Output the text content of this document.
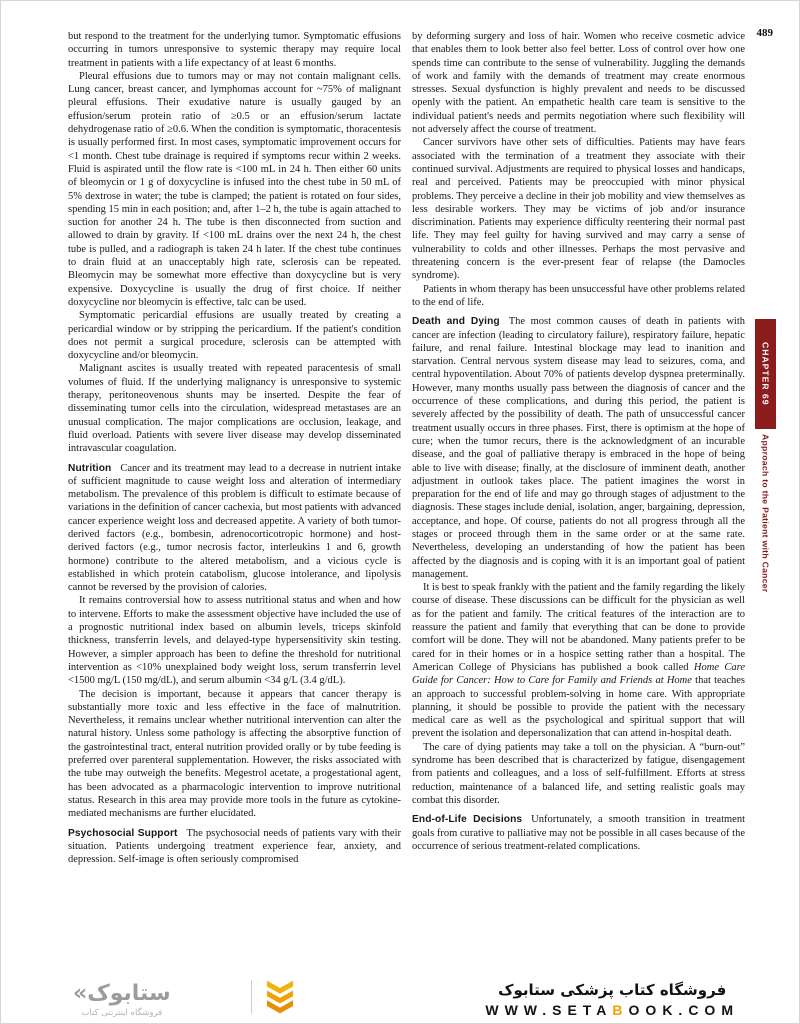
489

but respond to the treatment for the underlying tumor. Symptomatic effusions occurring in tumors unresponsive to systemic therapy may require local treatment in patients with a life expectancy of at least 6 months.

Pleural effusions due to tumors may or may not contain malignant cells. Lung cancer, breast cancer, and lymphomas account for ~75% of malignant pleural effusions. Their exudative nature is usually gauged by an effusion/serum protein ratio of ≥0.5 or an effusion/serum lactate dehydrogenase ratio of ≥0.6. When the condition is symptomatic, thoracentesis is usually performed first. In most cases, symptomatic improvement occurs for <1 month. Chest tube drainage is required if symptoms recur within 2 weeks. Fluid is aspirated until the flow rate is <100 mL in 24 h. Then either 60 units of bleomycin or 1 g of doxycycline is infused into the chest tube in 50 mL of 5% dextrose in water; the tube is clamped; the patient is rotated on four sides, spending 15 min in each position; and, after 1–2 h, the tube is again attached to suction for another 24 h. The tube is then disconnected from suction and allowed to drain by gravity. If <100 mL drains over the next 24 h, the chest tube is pulled, and a radiograph is taken 24 h later. If the chest tube continues to drain fluid at an unacceptably high rate, sclerosis can be repeated. Bleomycin may be somewhat more effective than doxycycline but is very expensive. Doxycycline is usually the drug of first choice. If neither doxycycline nor bleomycin is effective, talc can be used.

Symptomatic pericardial effusions are usually treated by creating a pericardial window or by stripping the pericardium. If the patient's condition does not permit a surgical procedure, sclerosis can be attempted with doxycycline and/or bleomycin.

Malignant ascites is usually treated with repeated paracentesis of small volumes of fluid. If the underlying malignancy is unresponsive to systemic therapy, peritoneovenous shunts may be inserted. Despite the fear of disseminating tumor cells into the circulation, widespread metastases are an unusual complication. The major complications are occlusion, leakage, and fluid overload. Patients with severe liver disease may develop disseminated intravascular coagulation.

Nutrition Cancer and its treatment may lead to a decrease in nutrient intake of sufficient magnitude to cause weight loss and alteration of intermediary metabolism. The prevalence of this problem is difficult to estimate because of variations in the definition of cancer cachexia, but most patients with advanced cancer experience weight loss and decreased appetite. A variety of both tumor-derived factors (e.g., bombesin, adrenocorticotropic hormone) and host-derived factors (e.g., tumor necrosis factor, interleukins 1 and 6, growth hormone) contribute to the altered metabolism, and a vicious cycle is established in which protein catabolism, glucose intolerance, and lipolysis cannot be reversed by the provision of calories.

It remains controversial how to assess nutritional status and when and how to intervene. Efforts to make the assessment objective have included the use of a prognostic nutritional index based on albumin levels, triceps skinfold thickness, transferrin levels, and delayed-type hypersensitivity skin testing. However, a simpler approach has been to define the threshold for nutritional intervention as <10% unexplained body weight loss, serum transferrin level <1500 mg/L (150 mg/dL), and serum albumin <34 g/L (3.4 g/dL).

The decision is important, because it appears that cancer therapy is substantially more toxic and less effective in the face of malnutrition. Nevertheless, it remains unclear whether nutritional intervention can alter the natural history. Unless some pathology is affecting the absorptive function of the gastrointestinal tract, enteral nutrition provided orally or by tube feeding is preferred over parenteral supplementation. However, the risks associated with the tube may outweigh the benefits. Megestrol acetate, a progestational agent, has been advocated as a pharmacologic intervention to improve nutritional status. Research in this area may provide more tools in the future as cytokine-mediated mechanisms are further elucidated.

Psychosocial Support The psychosocial needs of patients vary with their situation. Patients undergoing treatment experience fear, anxiety, and depression. Self-image is often seriously compromised

by deforming surgery and loss of hair. Women who receive cosmetic advice that enables them to look better also feel better. Loss of control over how one spends time can contribute to the sense of vulnerability. Juggling the demands of work and family with the demands of treatment may create enormous stresses. Sexual dysfunction is highly prevalent and needs to be discussed openly with the patient. An empathetic health care team is sensitive to the individual patient's needs and permits negotiation where such flexibility will not adversely affect the course of treatment.

Cancer survivors have other sets of difficulties. Patients may have fears associated with the termination of a treatment they associate with their continued survival. Adjustments are required to physical losses and handicaps, real and perceived. Patients may be preoccupied with minor physical problems. They perceive a decline in their job mobility and view themselves as less desirable workers. They may be victims of job and/or insurance discrimination. Patients may experience difficulty reentering their normal past life. They may feel guilty for having survived and may carry a sense of vulnerability to colds and other illnesses. Perhaps the most pervasive and threatening concern is the ever-present fear of relapse (the Damocles syndrome).

Patients in whom therapy has been unsuccessful have other problems related to the end of life.

Death and Dying The most common causes of death in patients with cancer are infection (leading to circulatory failure), respiratory failure, hepatic failure, and renal failure. Intestinal blockage may lead to inanition and starvation. Central nervous system disease may lead to seizures, coma, and central hypoventilation. About 70% of patients develop dyspnea preterminally. However, many months usually pass between the diagnosis of cancer and the occurrence of these complications, and during this period, the patient is severely affected by the possibility of death. The path of unsuccessful cancer treatment usually occurs in three phases. First, there is optimism at the hope of cure; when the tumor recurs, there is the acknowledgment of an incurable disease, and the goal of palliative therapy is embraced in the hope of being able to live with disease; finally, at the disclosure of imminent death, another adjustment in outlook takes place. The patient imagines the worst in preparation for the end of life and may go through stages of adjustment to the diagnosis. These stages include denial, isolation, anger, bargaining, depression, acceptance, and hope. Of course, patients do not all progress through all the stages or proceed through them in the same order or at the same rate. Nevertheless, developing an understanding of how the patient has been affected by the diagnosis and is coping with it is an important goal of patient management.

It is best to speak frankly with the patient and the family regarding the likely course of disease. These discussions can be difficult for the physician as well as for the patient and family. The critical features of the interaction are to reassure the patient and family that everything that can be done to provide comfort will be done. They will not be abandoned. Many patients prefer to be cared for in their homes or in a hospice setting rather than a hospital. The American College of Physicians has published a book called Home Care Guide for Cancer: How to Care for Family and Friends at Home that teaches an approach to successful problem-solving in home care. With appropriate planning, it should be possible to provide the patient with the necessary medical care as well as the psychological and spiritual support that will prevent the isolation and depersonalization that can attend in-hospital death.

The care of dying patients may take a toll on the physician. A “burn-out” syndrome has been described that is characterized by fatigue, disengagement from patients and colleagues, and a loss of self-fulfillment. Efforts at stress reduction, maintenance of a balanced life, and setting realistic goals may combat this disorder.

End-of-Life Decisions Unfortunately, a smooth transition in treatment goals from curative to palliative may not be possible in all cases because of the occurrence of serious treatment-related complications.

CHAPTER 69
Approach to the Patient with Cancer
«ستابوک
فروشگاه اینترنتی کتاب
فروشگاه کتاب پزشکی ستابوک
WWW.SETABOOK.COM
